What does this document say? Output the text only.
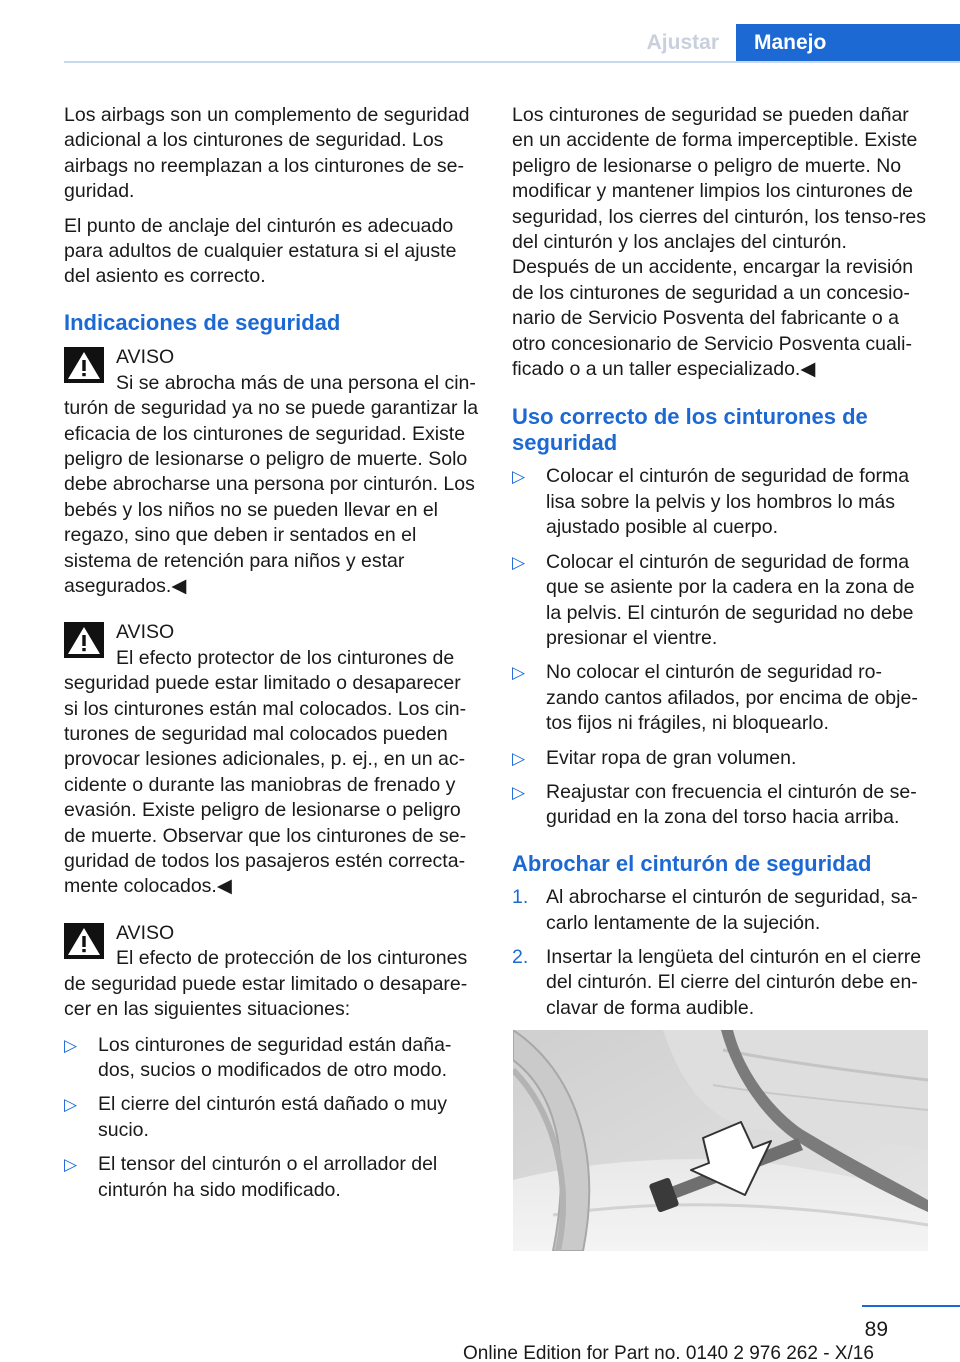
Ajustar	Manejo

Los airbags son un complemento de seguridad adicional a los cinturones de seguridad. Los airbags no reemplazan a los cinturones de se‐guridad.

El punto de anclaje del cinturón es adecuado para adultos de cualquier estatura si el ajuste del asiento es correcto.

Indicaciones de seguridad
AVISO
Si se abrocha más de una persona el cin‐
turón de seguridad ya no se puede garantizar la eficacia de los cinturones de seguridad. Existe peligro de lesionarse o peligro de muerte. Solo debe abrocharse una persona por cinturón. Los bebés y los niños no se pueden llevar en el regazo, sino que deben ir sentados en el sistema de retención para niños y estar asegurados.◀
AVISO
El efecto protector de los cinturones de
seguridad puede estar limitado o desaparecer si los cinturones están mal colocados. Los cin‐turones de seguridad mal colocados pueden provocar lesiones adicionales, p. ej., en un ac‐cidente o durante las maniobras de frenado y evasión. Existe peligro de lesionarse o peligro de muerte. Observar que los cinturones de se‐guridad de todos los pasajeros estén correcta‐mente colocados.◀
AVISO
El efecto de protección de los cinturones
de seguridad puede estar limitado o desapare‐cer en las siguientes situaciones:
▷ Los cinturones de seguridad están daña‐dos, sucios o modificados de otro modo.
▷ El cierre del cinturón está dañado o muy sucio.
▷ El tensor del cinturón o el arrollador del cinturón ha sido modificado.

Los cinturones de seguridad se pueden dañar en un accidente de forma imperceptible. Existe peligro de lesionarse o peligro de muerte. No modificar y mantener limpios los cinturones de seguridad, los cierres del cinturón, los tenso‐res del cinturón y los anclajes del cinturón. Después de un accidente, encargar la revisión de los cinturones de seguridad a un concesio‐nario de Servicio Posventa del fabricante o a otro concesionario de Servicio Posventa cuali‐ficado o a un taller especializado.◀

Uso correcto de los cinturones de seguridad
▷ Colocar el cinturón de seguridad de forma lisa sobre la pelvis y los hombros lo más ajustado posible al cuerpo.
▷ Colocar el cinturón de seguridad de forma que se asiente por la cadera en la zona de la pelvis. El cinturón de seguridad no debe presionar el vientre.
▷ No colocar el cinturón de seguridad ro‐zando cantos afilados, por encima de obje‐tos fijos ni frágiles, ni bloquearlo.
▷ Evitar ropa de gran volumen.
▷ Reajustar con frecuencia el cinturón de se‐guridad en la zona del torso hacia arriba.
Abrochar el cinturón de seguridad
1. Al abrocharse el cinturón de seguridad, sa‐carlo lentamente de la sujeción.
2. Insertar la lengüeta del cinturón en el cierre del cinturón. El cierre del cinturón debe en‐clavar de forma audible.
89
Online Edition for Part no. 0140 2 976 262 - X/16
